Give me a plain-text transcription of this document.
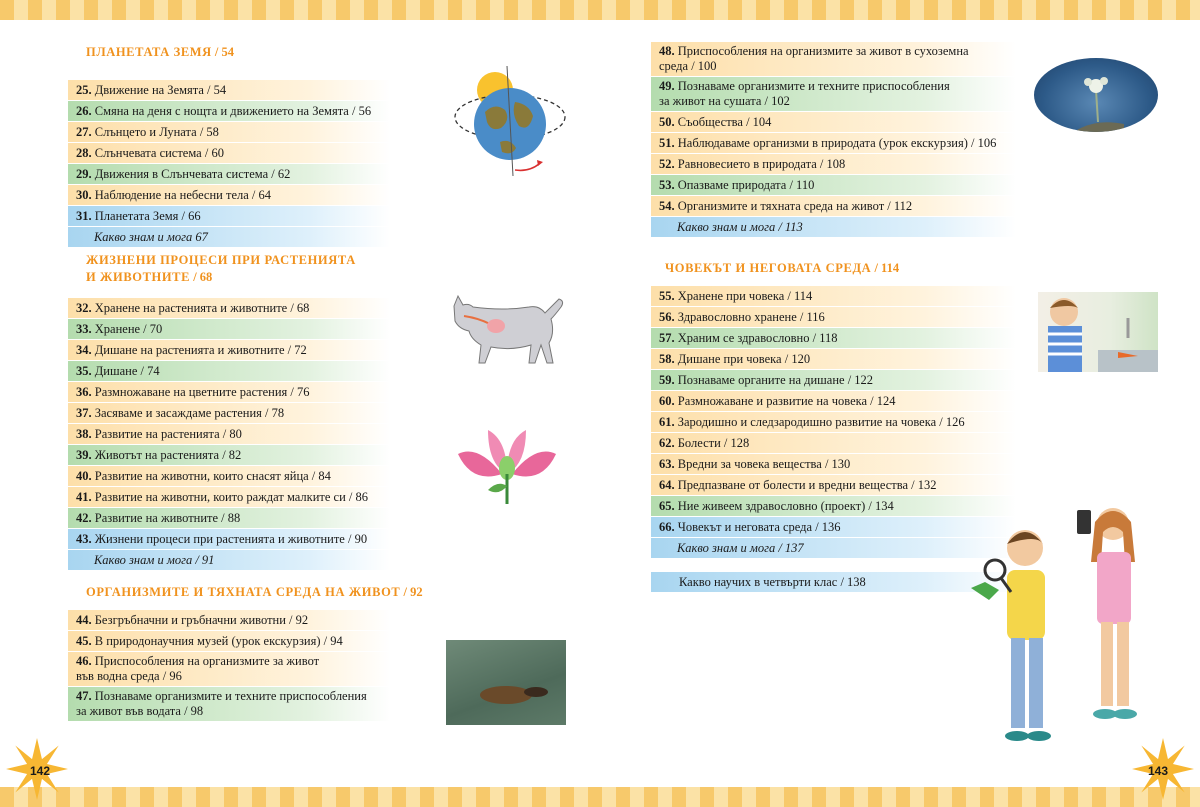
ПЛАНЕТАТА ЗЕМЯ / 54
25. Движение на Земята / 54
26. Смяна на деня с нощта и движението на Земята / 56
27. Слънцето и Луната / 58
28. Слънчевата система / 60
29. Движения в Слънчевата система / 62
30. Наблюдение на небесни тела / 64
31. Планетата Земя / 66
Какво знам и мога 67
ЖИЗНЕНИ ПРОЦЕСИ ПРИ РАСТЕНИЯТА И ЖИВОТНИТЕ / 68
32. Хранене на растенията и животните / 68
33. Хранене / 70
34. Дишане на растенията и животните / 72
35. Дишане / 74
36. Размножаване на цветните растения / 76
37. Засяваме и засаждаме растения / 78
38. Развитие на растенията / 80
39. Животът на растенията / 82
40. Развитие на животни, които снасят яйца / 84
41. Развитие на животни, които раждат малките си / 86
42. Развитие на животните / 88
43. Жизнени процеси при растенията и животните / 90
Какво знам и мога / 91
ОРГАНИЗМИТЕ И ТЯХНАТА СРЕДА НА ЖИВОТ / 92
44. Безгръбначни и гръбначни животни / 92
45. В природонаучния музей (урок екскурзия) / 94
46. Приспособления на организмите за живот
във водна среда / 96
47. Познаваме организмите и техните приспособления
за живот във водата / 98
48. Приспособления на организмите за живот в сухоземна
среда / 100
49. Познаваме организмите и техните приспособления
за живот на сушата / 102
50. Съобщества / 104
51. Наблюдаваме организми в природата (урок екскурзия) / 106
52. Равновесието в природата / 108
53. Опазваме природата / 110
54. Организмите и тяхната среда на живот / 112
Какво знам и мога / 113
ЧОВЕКЪТ И НЕГОВАТА СРЕДА / 114
55. Хранене при човека / 114
56. Здравословно хранене / 116
57. Храним се здравословно / 118
58. Дишане при човека / 120
59. Познаваме органите на дишане / 122
60. Размножаване и развитие на човека / 124
61. Зародишно и следзародишно развитие на човека / 126
62. Болести / 128
63. Вредни за човека вещества / 130
64. Предпазване от болести и вредни вещества / 132
65. Ние живеем здравословно (проект) / 134
66. Човекът и неговата среда / 136
Какво знам и мога / 137
Какво научих в четвърти клас / 138
142	143
